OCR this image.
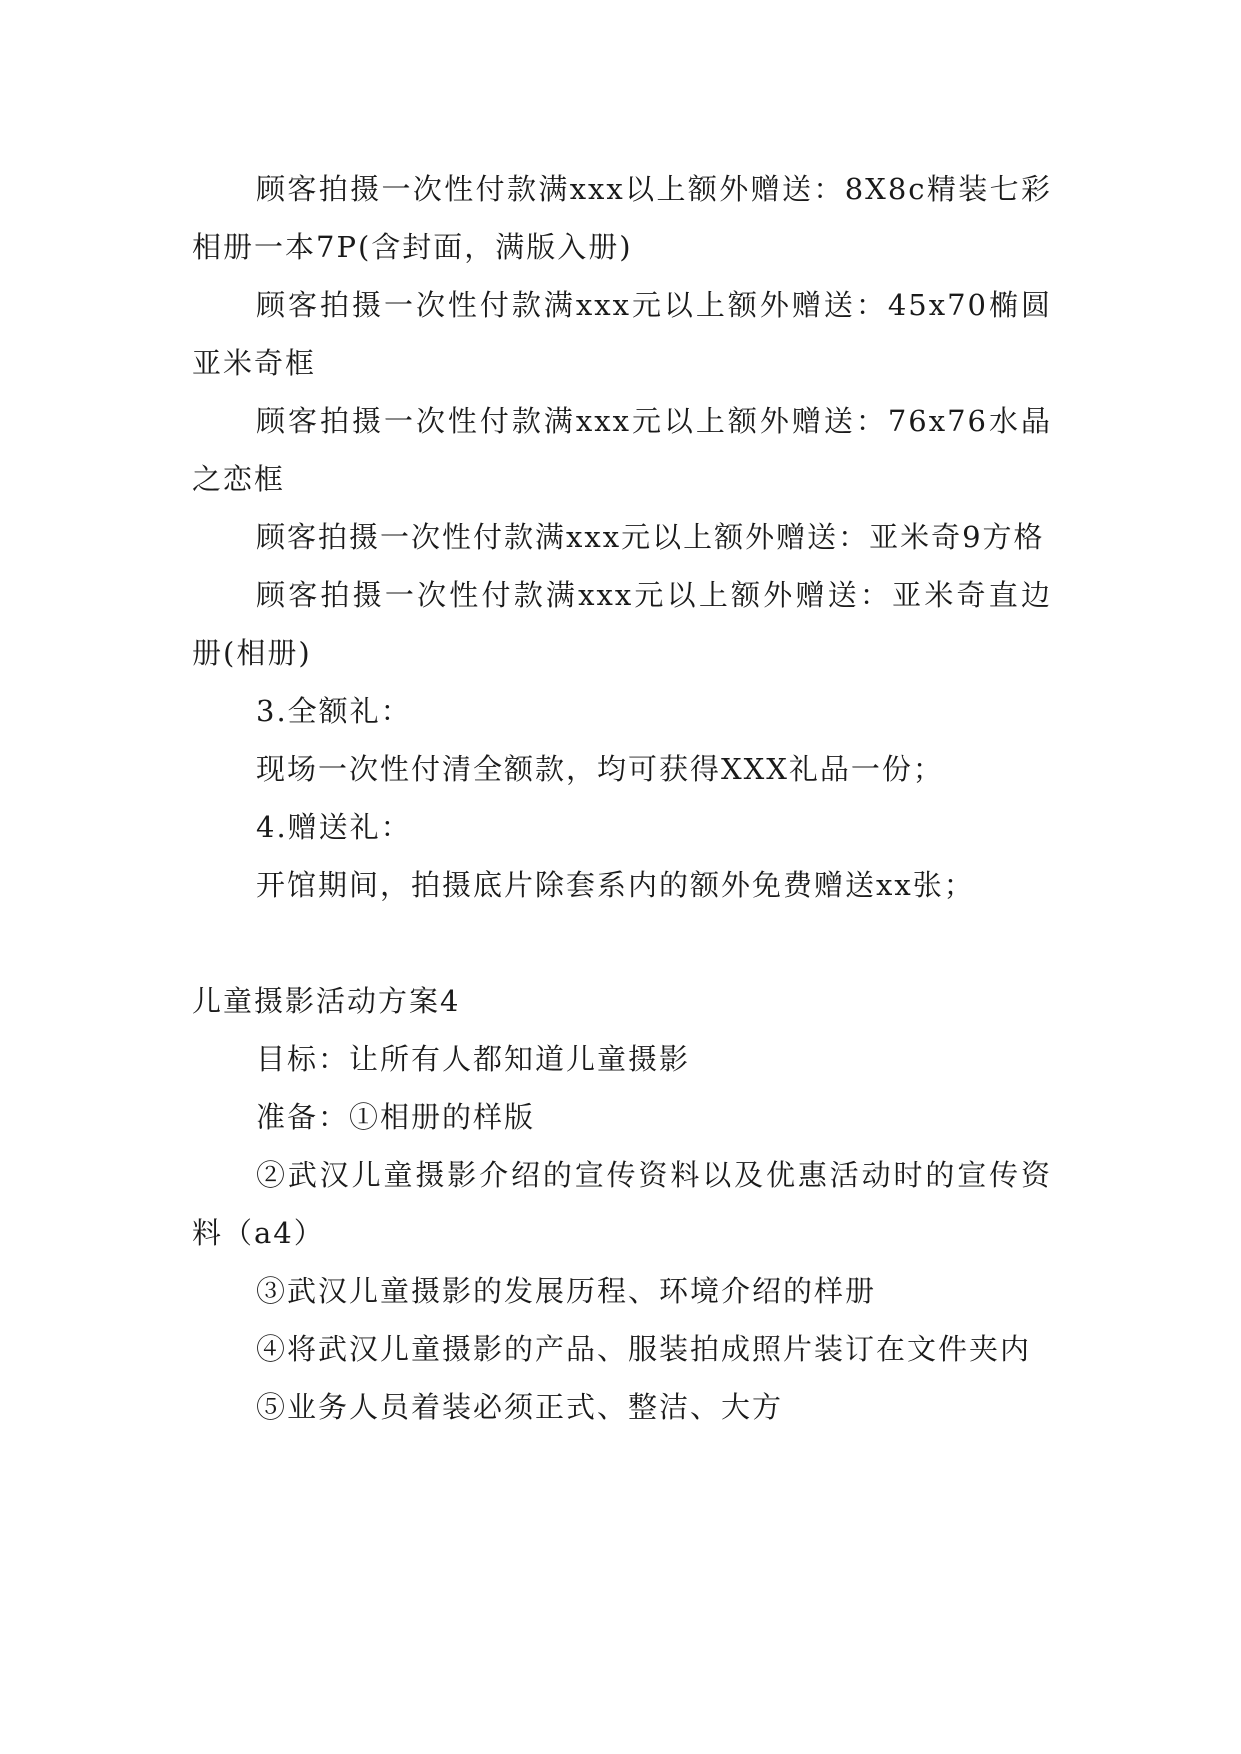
顾客拍摄一次性付款满xxx以上额外赠送：8X8c精装七彩相册一本7P(含封面，满版入册)

顾客拍摄一次性付款满xxx元以上额外赠送：45x70椭圆亚米奇框

顾客拍摄一次性付款满xxx元以上额外赠送：76x76水晶之恋框

顾客拍摄一次性付款满xxx元以上额外赠送：亚米奇9方格

顾客拍摄一次性付款满xxx元以上额外赠送：亚米奇直边册(相册)

3.全额礼：

现场一次性付清全额款，均可获得XXX礼品一份；

4.赠送礼：

开馆期间，拍摄底片除套系内的额外免费赠送xx张；

儿童摄影活动方案4

目标：让所有人都知道儿童摄影

准备：①相册的样版

②武汉儿童摄影介绍的宣传资料以及优惠活动时的宣传资料（a4）

③武汉儿童摄影的发展历程、环境介绍的样册

④将武汉儿童摄影的产品、服装拍成照片装订在文件夹内

⑤业务人员着装必须正式、整洁、大方
